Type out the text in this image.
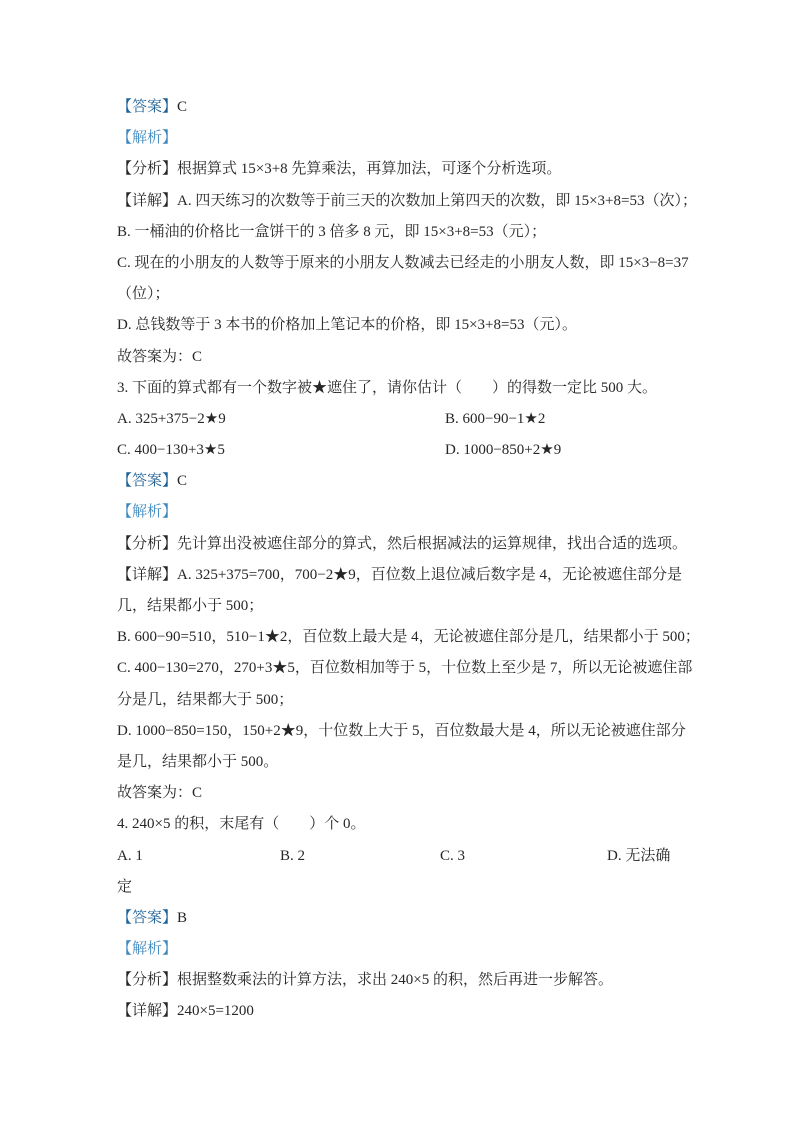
【答案】C

【解析】

【分析】根据算式 15×3+8 先算乘法，再算加法，可逐个分析选项。

【详解】A. 四天练习的次数等于前三天的次数加上第四天的次数，即 15×3+8=53（次）；

B. 一桶油的价格比一盒饼干的 3 倍多 8 元，即 15×3+8=53（元）；

C. 现在的小朋友的人数等于原来的小朋友人数减去已经走的小朋友人数，即 15×3−8=37

（位）；

D. 总钱数等于 3 本书的价格加上笔记本的价格，即 15×3+8=53（元）。

故答案为：C

3. 下面的算式都有一个数字被★遮住了，请你估计（　　）的得数一定比 500 大。

A. 325+375−2★9	B. 600−90−1★2

C. 400−130+3★5	D. 1000−850+2★9

【答案】C

【解析】

【分析】先计算出没被遮住部分的算式，然后根据减法的运算规律，找出合适的选项。

【详解】A. 325+375=700，700−2★9，百位数上退位减后数字是 4，无论被遮住部分是

几，结果都小于 500；

B. 600−90=510，510−1★2，百位数上最大是 4，无论被遮住部分是几，结果都小于 500；

C. 400−130=270，270+3★5，百位数相加等于 5，十位数上至少是 7，所以无论被遮住部

分是几，结果都大于 500；

D. 1000−850=150，150+2★9，十位数上大于 5，百位数最大是 4，所以无论被遮住部分

是几，结果都小于 500。

故答案为：C

4. 240×5 的积，末尾有（　　）个 0。

A. 1	B. 2	C. 3	D. 无法确

定

【答案】B

【解析】

【分析】根据整数乘法的计算方法，求出 240×5 的积，然后再进一步解答。

【详解】240×5=1200
